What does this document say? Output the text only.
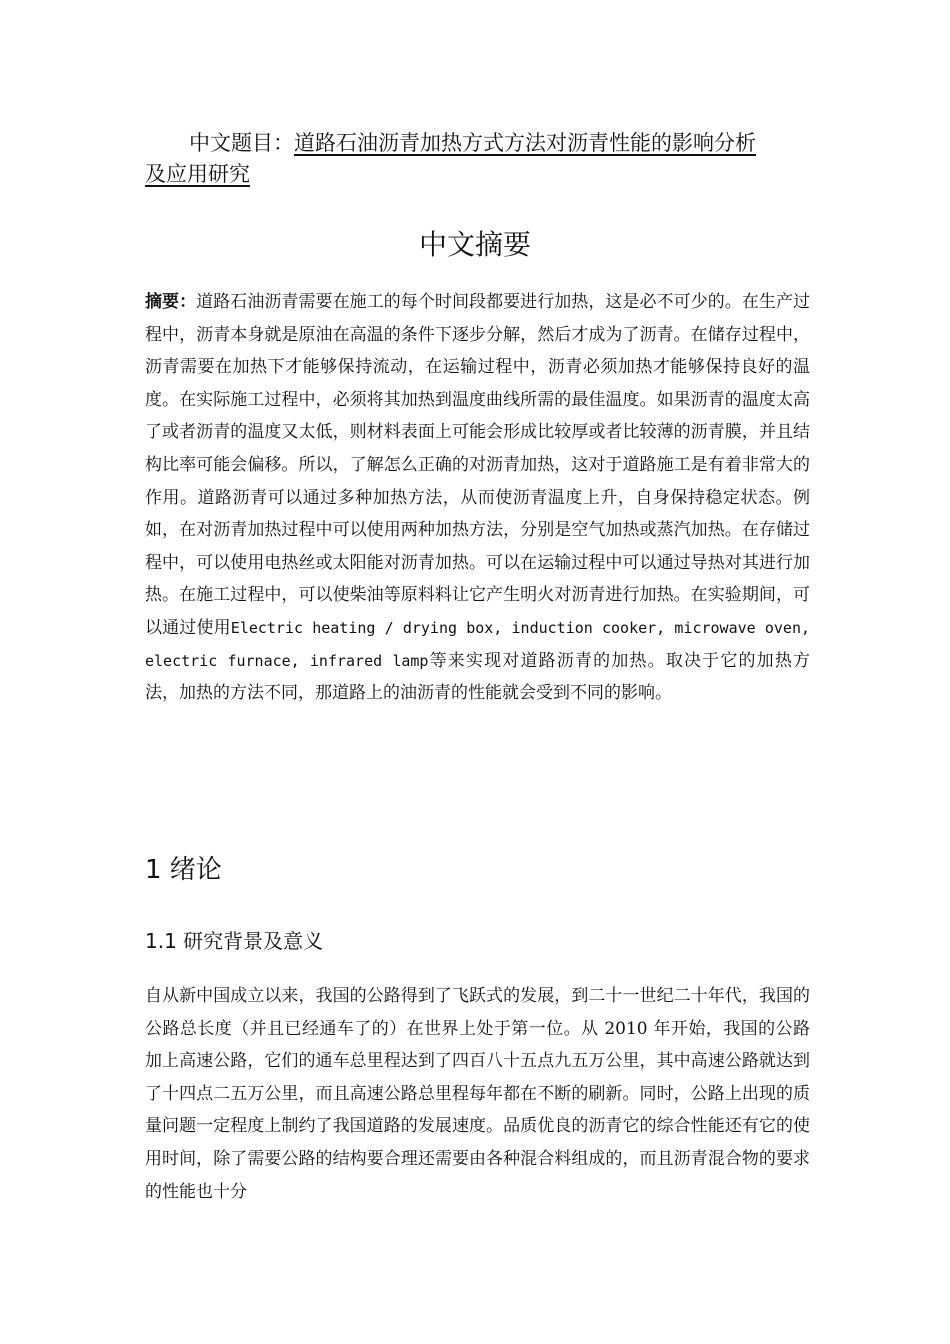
中文题目：道路石油沥青加热方式方法对沥青性能的影响分析
及应用研究
中文摘要
摘要：道路石油沥青需要在施工的每个时间段都要进行加热，这是必不可少的。在生产过程中，沥青本身就是原油在高温的条件下逐步分解，然后才成为了沥青。在储存过程中，沥青需要在加热下才能够保持流动，在运输过程中，沥青必须加热才能够保持良好的温度。在实际施工过程中，必须将其加热到温度曲线所需的最佳温度。如果沥青的温度太高了或者沥青的温度又太低，则材料表面上可能会形成比较厚或者比较薄的沥青膜，并且结构比率可能会偏移。所以，了解怎么正确的对沥青加热，这对于道路施工是有着非常大的作用。道路沥青可以通过多种加热方法，从而使沥青温度上升，自身保持稳定状态。例如，在对沥青加热过程中可以使用两种加热方法，分别是空气加热或蒸汽加热。在存储过程中，可以使用电热丝或太阳能对沥青加热。可以在运输过程中可以通过导热对其进行加热。在施工过程中，可以使柴油等原料料让它产生明火对沥青进行加热。在实验期间，可以通过使用Electric heating / drying box, induction cooker, microwave oven, electric furnace, infrared lamp等来实现对道路沥青的加热。取决于它的加热方法，加热的方法不同，那道路上的油沥青的性能就会受到不同的影响。
1 绪论
1.1 研究背景及意义
自从新中国成立以来，我国的公路得到了飞跃式的发展，到二十一世纪二十年代，我国的公路总长度（并且已经通车了的）在世界上处于第一位。从 2010 年开始，我国的公路加上高速公路，它们的通车总里程达到了四百八十五点九五万公里，其中高速公路就达到了十四点二五万公里，而且高速公路总里程每年都在不断的刷新。同时，公路上出现的质量问题一定程度上制约了我国道路的发展速度。品质优良的沥青它的综合性能还有它的使用时间，除了需要公路的结构要合理还需要由各种混合料组成的，而且沥青混合物的要求的性能也十分
